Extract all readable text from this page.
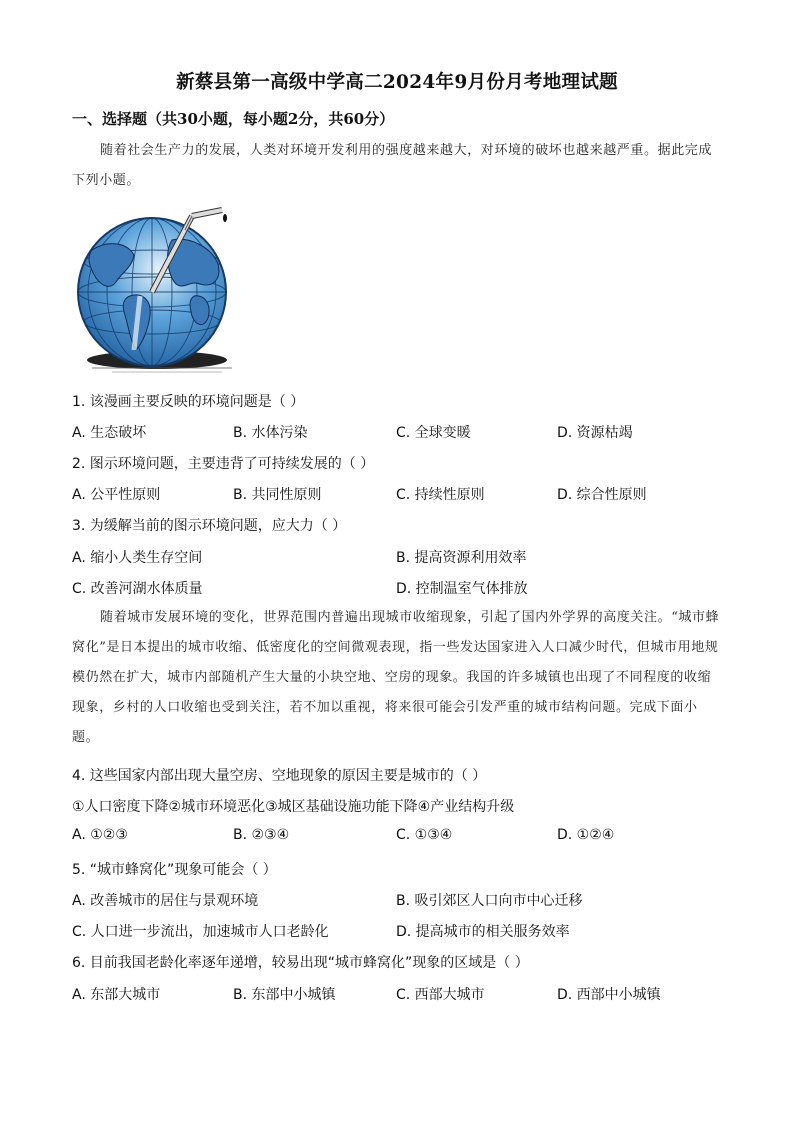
新蔡县第一高级中学高二2024年9月份月考地理试题
一、选择题（共30小题，每小题2分，共60分）
随着社会生产力的发展，人类对环境开发利用的强度越来越大，对环境的破坏也越来越严重。据此完成下列小题。
1. 该漫画主要反映的环境问题是（ ）
A. 生态破坏	B. 水体污染	C. 全球变暖	D. 资源枯竭
2. 图示环境问题，主要违背了可持续发展的（ ）
A. 公平性原则	B. 共同性原则	C. 持续性原则	D. 综合性原则
3. 为缓解当前的图示环境问题，应大力（ ）
A. 缩小人类生存空间	B. 提高资源利用效率
C. 改善河湖水体质量	D. 控制温室气体排放
随着城市发展环境的变化，世界范围内普遍出现城市收缩现象，引起了国内外学界的高度关注。“城市蜂窝化”是日本提出的城市收缩、低密度化的空间微观表现，指一些发达国家进入人口减少时代，但城市用地规模仍然在扩大，城市内部随机产生大量的小块空地、空房的现象。我国的许多城镇也出现了不同程度的收缩现象，乡村的人口收缩也受到关注，若不加以重视，将来很可能会引发严重的城市结构问题。完成下面小题。
4. 这些国家内部出现大量空房、空地现象的原因主要是城市的（ ）
①人口密度下降②城市环境恶化③城区基础设施功能下降④产业结构升级
A. ①②③	B. ②③④	C. ①③④	D. ①②④
5. “城市蜂窝化”现象可能会（ ）
A. 改善城市的居住与景观环境	B. 吸引郊区人口向市中心迁移
C. 人口进一步流出，加速城市人口老龄化	D. 提高城市的相关服务效率
6. 目前我国老龄化率逐年递增，较易出现“城市蜂窝化”现象的区域是（ ）
A. 东部大城市	B. 东部中小城镇	C. 西部大城市	D. 西部中小城镇
